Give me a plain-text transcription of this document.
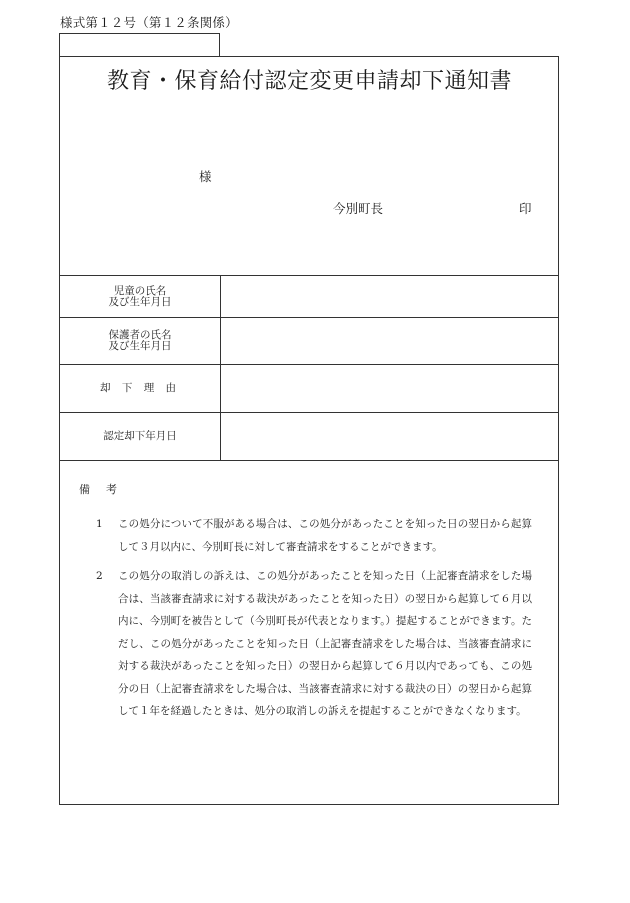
様式第１２号（第１２条関係）
教育・保育給付認定変更申請却下通知書
様
今別町長	印
児童の氏名
及び生年月日	

保護者の氏名
及び生年月日	

却 下 理 由	
認定却下年月日	
備考
1	この処分について不服がある場合は、この処分があったことを知った日の翌日から起算して３月以内に、今別町長に対して審査請求をすることができます。
2	この処分の取消しの訴えは、この処分があったことを知った日（上記審査請求をした場合は、当該審査請求に対する裁決があったことを知った日）の翌日から起算して６月以内に、今別町を被告として（今別町長が代表となります。）提起することができます。ただし、この処分があったことを知った日（上記審査請求をした場合は、当該審査請求に対する裁決があったことを知った日）の翌日から起算して６月以内であっても、この処分の日（上記審査請求をした場合は、当該審査請求に対する裁決の日）の翌日から起算して１年を経過したときは、処分の取消しの訴えを提起することができなくなります。
